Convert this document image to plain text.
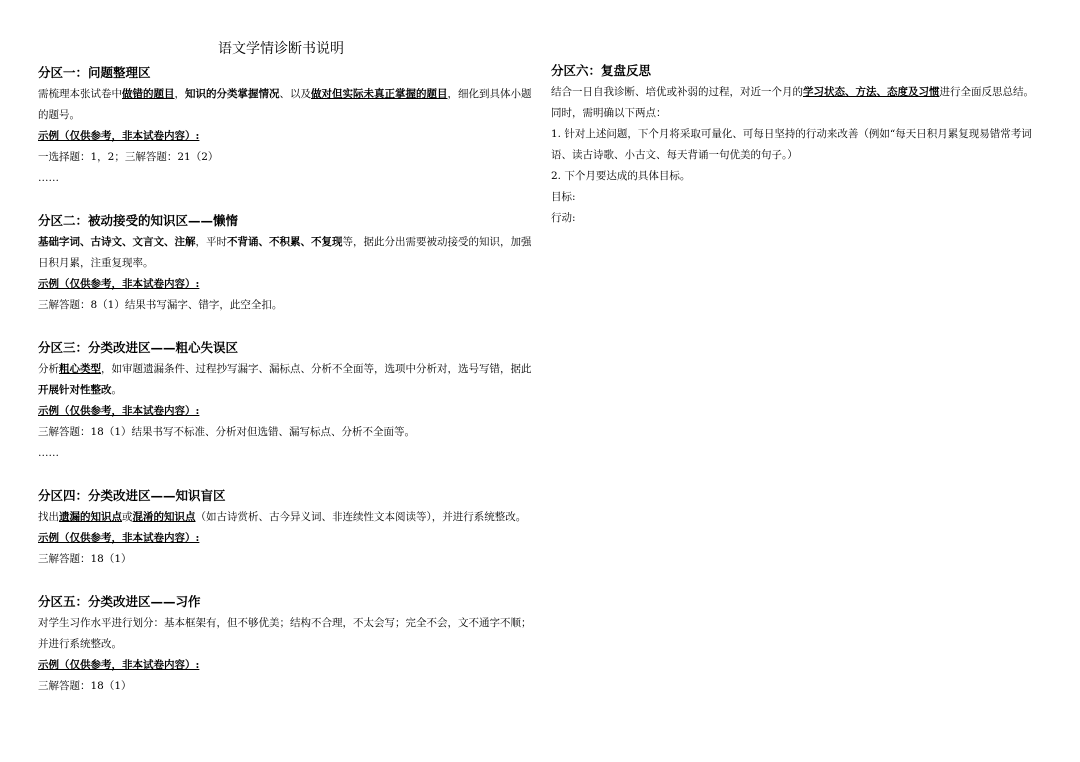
语文学情诊断书说明
分区一：问题整理区
需梳理本张试卷中做错的题目，知识的分类掌握情况、以及做对但实际未真正掌握的题目，细化到具体小题的题号。
示例（仅供参考，非本试卷内容）:
一选择题：1，2；三解答题：21（2）
……
分区二：被动接受的知识区——懒惰
基础字词、古诗文、文言文、注解，平时不背诵、不积累、不复现等，据此分出需要被动接受的知识，加强日积月累，注重复现率。
示例（仅供参考，非本试卷内容）:
三解答题：8（1）结果书写漏字、错字，此空全扣。
分区三：分类改进区——粗心失误区
分析粗心类型，如审题遗漏条件、过程抄写漏字、漏标点、分析不全面等，选项中分析对，选号写错，据此开展针对性整改。
示例（仅供参考，非本试卷内容）:
三解答题：18（1）结果书写不标准、分析对但选错、漏写标点、分析不全面等。
……
分区四：分类改进区——知识盲区
找出遗漏的知识点或混淆的知识点（如古诗赏析、古今异义词、非连续性文本阅读等），并进行系统整改。
示例（仅供参考，非本试卷内容）:
三解答题：18（1）
分区五：分类改进区——习作
对学生习作水平进行划分：基本框架有，但不够优美；结构不合理，不太会写；完全不会，文不通字不顺；并进行系统整改。
示例（仅供参考，非本试卷内容）:
三解答题：18（1）
分区六：复盘反思
结合一日自我诊断、培优或补弱的过程，对近一个月的学习状态、方法、态度及习惯进行全面反思总结。
同时，需明确以下两点：
1. 针对上述问题，下个月将采取可量化、可每日坚持的行动来改善（例如“每天日积月累复现易错常考词语、读古诗歌、小古文、每天背诵一句优美的句子。）
2. 下个月要达成的具体目标。
目标:
行动:
